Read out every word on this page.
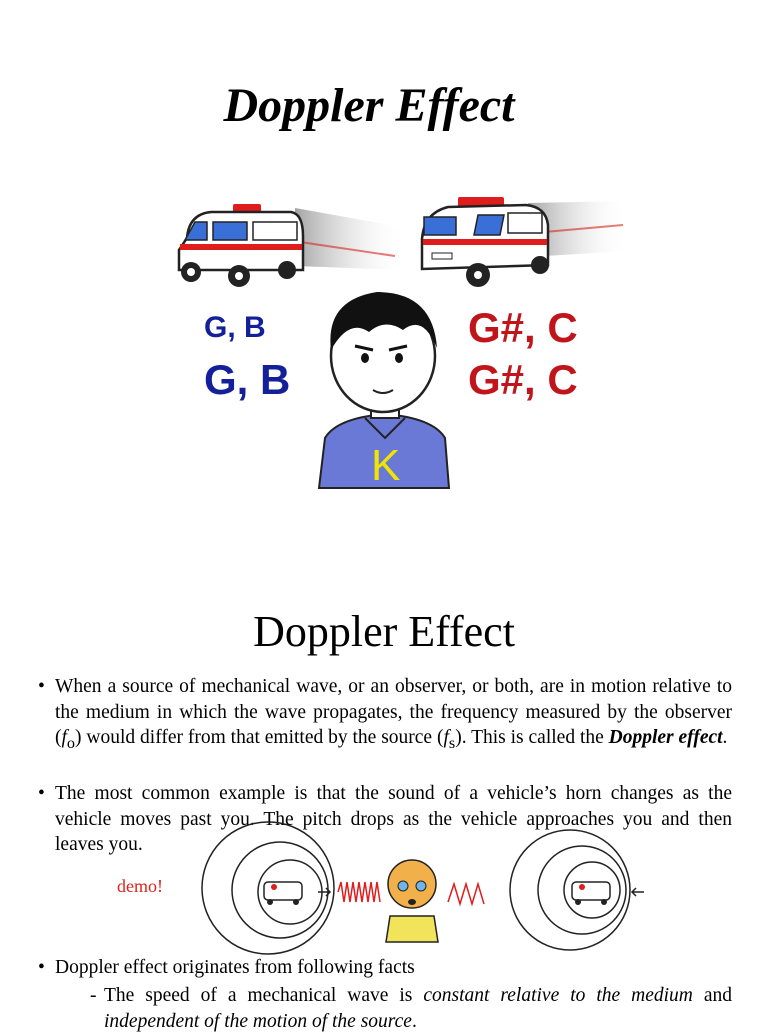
Doppler Effect
G, B
G, B
G#, C
G#, C
K
Doppler Effect
• When a source of mechanical wave, or an observer, or both, are in motion relative to the medium in which the wave propagates, the frequency measured by the observer $(f_o)$ would differ from that emitted by the source $(f_s)$. This is called the Doppler effect.
• The most common example is that the sound of a vehicle’s horn changes as the vehicle moves past you. The pitch drops as the vehicle approaches you and then leaves you.
demo!
• Doppler effect originates from following facts
- The speed of a mechanical wave is constant relative to the medium and independent of the motion of the source.
